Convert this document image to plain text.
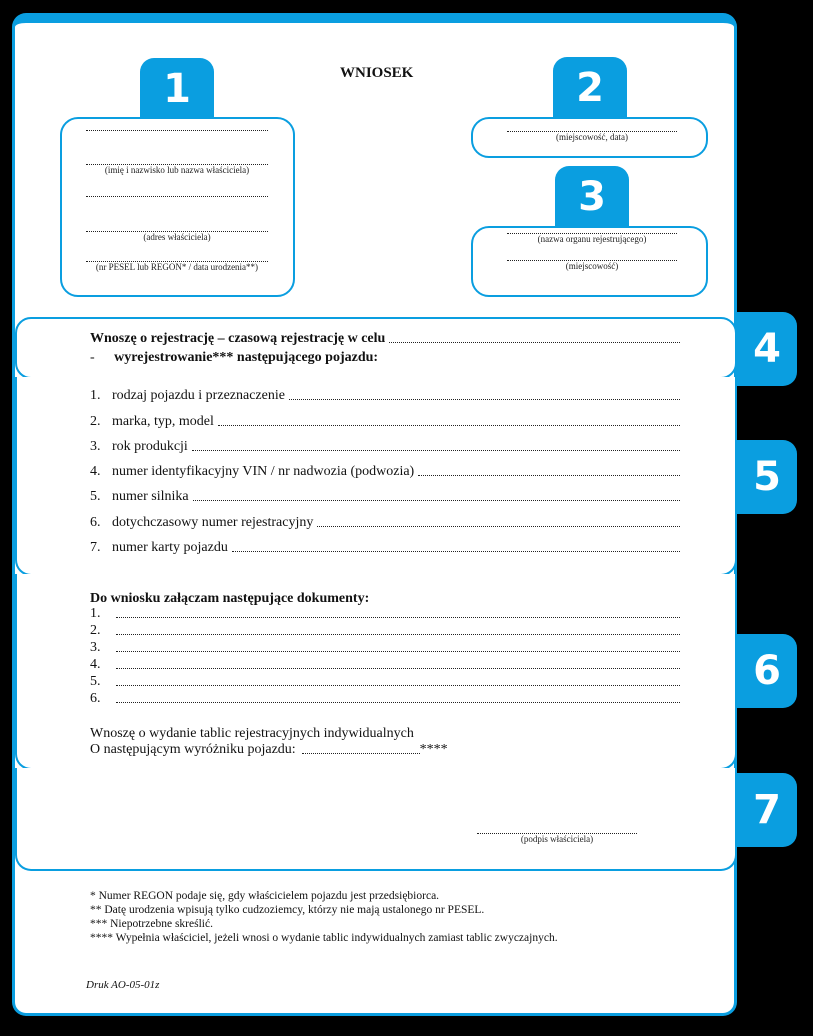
WNIOSEK
1
(imię i nazwisko lub nazwa właściciela)
(adres właściciela)
(nr PESEL lub REGON* / data urodzenia**)
2
(miejscowość, data)
3
(nazwa organu rejestrującego)
(miejscowość)
4
Wnoszę o rejestrację – czasową rejestrację w celu
- wyrejestrowanie*** następującego pojazdu:
5
1. rodzaj pojazdu i przeznaczenie
2. marka, typ, model
3. rok produkcji
4. numer identyfikacyjny VIN / nr nadwozia (podwozia)
5. numer silnika
6. dotychczasowy numer rejestracyjny
7. numer karty pojazdu
6
Do wniosku załączam następujące dokumenty:
1.
2.
3.
4.
5.
6.
Wnoszę o wydanie tablic rejestracyjnych indywidualnych
O następującym wyróżniku pojazdu:	****
7
(podpis właściciela)
* Numer REGON podaje się, gdy właścicielem pojazdu jest przedsiębiorca.
** Datę urodzenia wpisują tylko cudzoziemcy, którzy nie mają ustalonego nr PESEL.
*** Niepotrzebne skreślić.
**** Wypełnia właściciel, jeżeli wnosi o wydanie tablic indywidualnych zamiast tablic zwyczajnych.
Druk AO-05-01z
